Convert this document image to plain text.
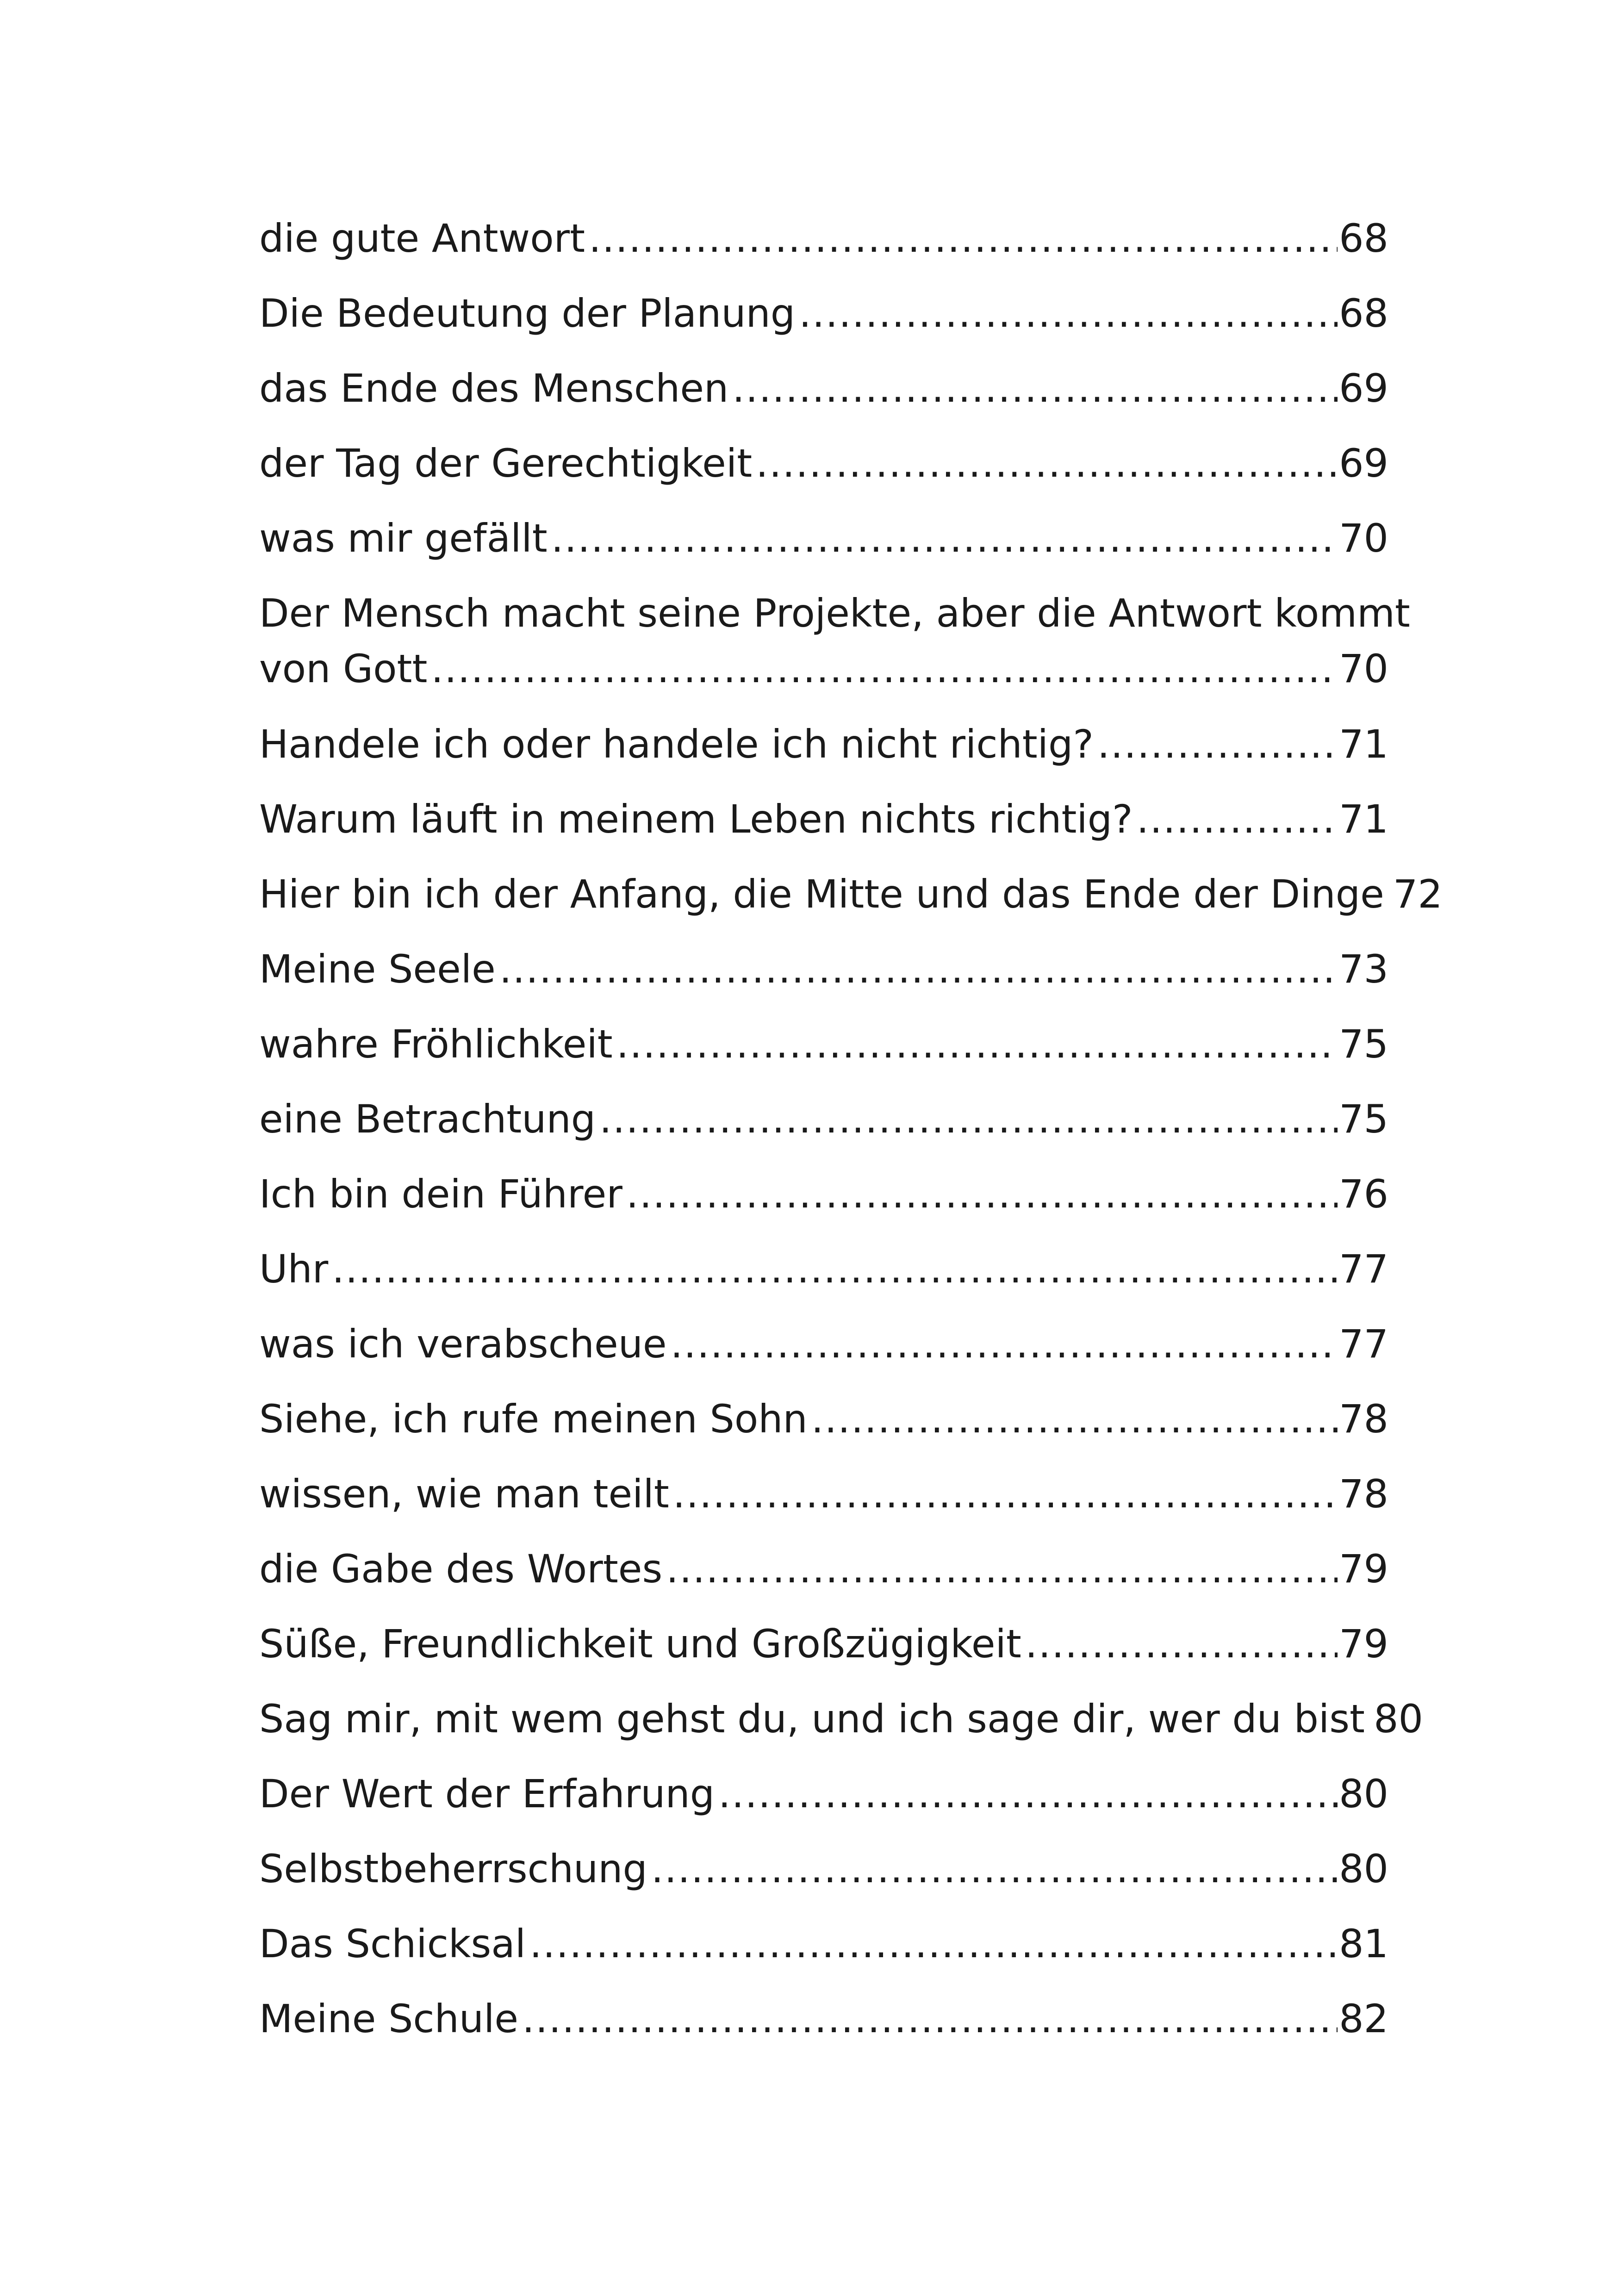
die gute Antwort .....	68
Die Bedeutung der Planung .....	68
das Ende des Menschen .....	69
der Tag der Gerechtigkeit .....	69
was mir gefällt .....	70
Der Mensch macht seine Projekte, aber die Antwort kommt
von Gott .....	70
Handele ich oder handele ich nicht richtig? .....	71
Warum läuft in meinem Leben nichts richtig? .....	71
Hier bin ich der Anfang, die Mitte und das Ende der Dinge ..... 72
Meine Seele .....	73
wahre Fröhlichkeit .....	75
eine Betrachtung .....	75
Ich bin dein Führer .....	76
Uhr .....	77
was ich verabscheue .....	77
Siehe, ich rufe meinen Sohn .....	78
wissen, wie man teilt .....	78
die Gabe des Wortes .....	79
Süße, Freundlichkeit und Großzügigkeit .....	79
Sag mir, mit wem gehst du, und ich sage dir, wer du bist ..... 80
Der Wert der Erfahrung .....	80
Selbstbeherrschung .....	80
Das Schicksal .....	81
Meine Schule .....	82
